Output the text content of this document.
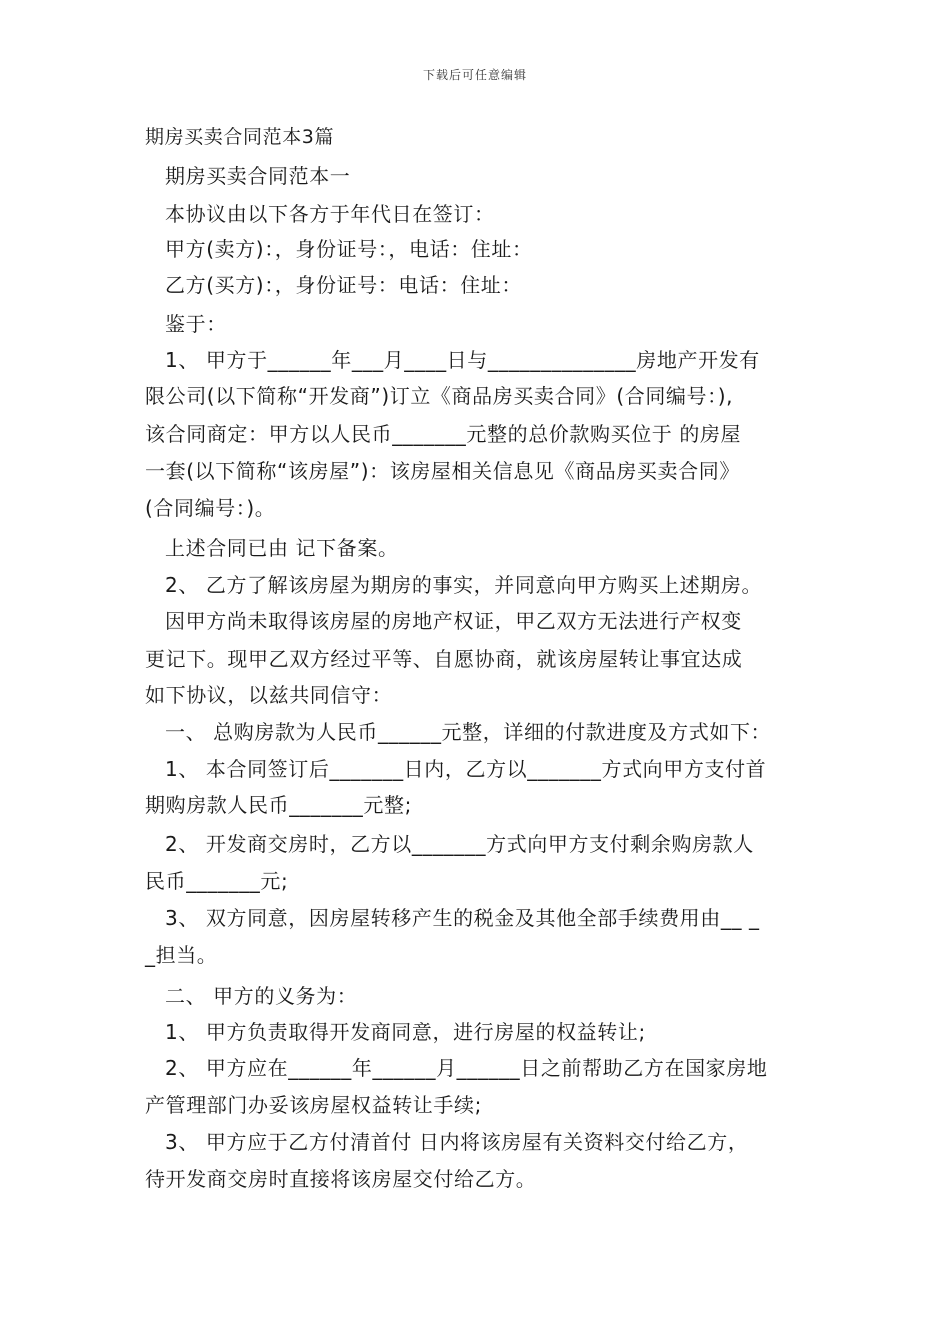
下载后可任意编辑
期房买卖合同范本3篇
期房买卖合同范本一
本协议由以下各方于年代日在签订：
甲方(卖方)：，身份证号：，电话：住址：
乙方(买方)：，身份证号：电话：住址：
鉴于：
1、 甲方于______年___月____日与______________房地产开发有
限公司(以下简称“开发商”)订立《商品房买卖合同》(合同编号：),
该合同商定：甲方以人民币_______元整的总价款购买位于 的房屋
一套(以下简称“该房屋”)：该房屋相关信息见《商品房买卖合同》
(合同编号：)。
上述合同已由 记下备案。
2、 乙方了解该房屋为期房的事实，并同意向甲方购买上述期房。
因甲方尚未取得该房屋的房地产权证，甲乙双方无法进行产权变
更记下。现甲乙双方经过平等、自愿协商，就该房屋转让事宜达成
如下协议，以兹共同信守：
一、 总购房款为人民币______元整，详细的付款进度及方式如下：
1、 本合同签订后_______日内，乙方以_______方式向甲方支付首
期购房款人民币_______元整;
2、 开发商交房时，乙方以_______方式向甲方支付剩余购房款人
民币_______元;
3、 双方同意，因房屋转移产生的税金及其他全部手续费用由__ _
_担当。
二、 甲方的义务为：
1、 甲方负责取得开发商同意，进行房屋的权益转让;
2、 甲方应在______年______月______日之前帮助乙方在国家房地
产管理部门办妥该房屋权益转让手续;
3、 甲方应于乙方付清首付 日内将该房屋有关资料交付给乙方，
待开发商交房时直接将该房屋交付给乙方。
